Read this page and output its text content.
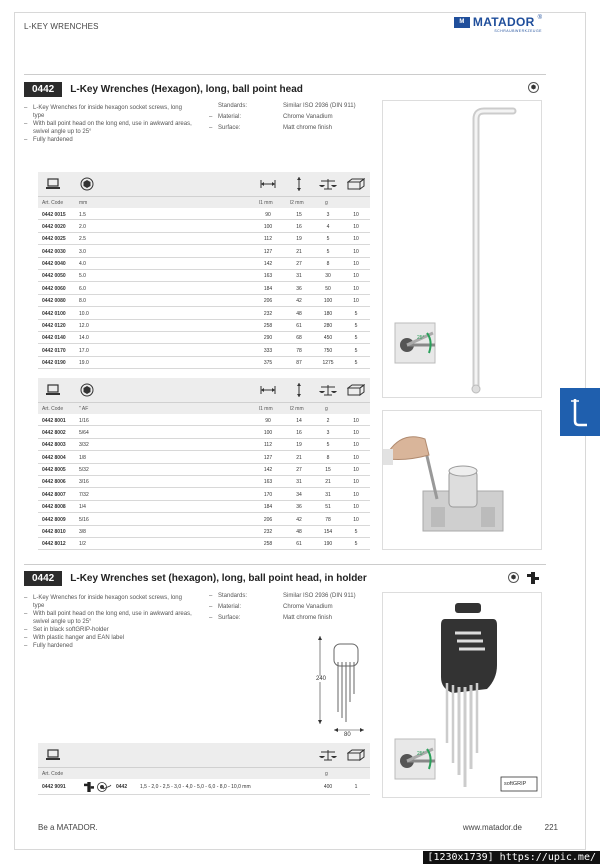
L-KEY WRENCHES	M MATADOR ®
SCHRAUBWERKZEUGE
0442	L-Key Wrenches (Hexagon), long, ball point head	⬢
– L-Key Wrenches for inside hexagon socket screws, long type
– With ball point head on the long end, use in awkward areas, swivel angle up to 25°
– Fully hardened
Standards:	Similar ISO 2936 (DIN 911)
– Material:	Chrome Vanadium
– Surface:	Matt chrome finish
Art. Code	mm	l1 mm	l2 mm	g
0442 0015	1.5	90	15	3	10
0442 0020	2.0	100	16	4	10
0442 0025	2.5	112	19	5	10
0442 0030	3.0	127	21	5	10
0442 0040	4.0	142	27	8	10
0442 0050	5.0	163	31	30	10
0442 0060	6.0	184	36	50	10
0442 0080	8.0	206	42	100	10
0442 0100	10.0	232	48	180	5
0442 0120	12.0	258	61	280	5
0442 0140	14.0	290	68	450	5
0442 0170	17.0	333	78	750	5
0442 0190	19.0	375	87	1275	5
Art. Code	" AF	l1 mm	l2 mm	g
0442 8001	1/16	90	14	2	10
0442 8002	5/64	100	16	3	10
0442 8003	3/32	112	19	5	10
0442 8004	1/8	127	21	8	10
0442 8005	5/32	142	27	15	10
0442 8006	3/16	163	31	21	10
0442 8007	7/32	170	34	31	10
0442 8008	1/4	184	36	51	10
0442 8009	5/16	206	42	78	10
0442 8010	3/8	232	48	154	5
0442 8012	1/2	258	61	190	5
25°
0442	L-Key Wrenches set (hexagon), long, ball point head, in holder	⬢
– L-Key Wrenches for inside hexagon socket screws, long type
– With ball point head on the long end, use in awkward areas, swivel angle up to 25°
– Set in black softGRIP-holder
– With plastic hanger and EAN label
– Fully hardened
– Standards:	Similar ISO 2936 (DIN 911)
– Material:	Chrome Vanadium
– Surface:	Matt chrome finish
240
80
Art. Code	g
0442 9091	0442	1,5 - 2,0 - 2,5 - 3,0 - 4,0 - 5,0 - 6,0 - 8,0 - 10,0 mm	400	1
25°
softGRIP
Be a MATADOR.	www.matador.de	221
[1230x1739] https://upic.me/
